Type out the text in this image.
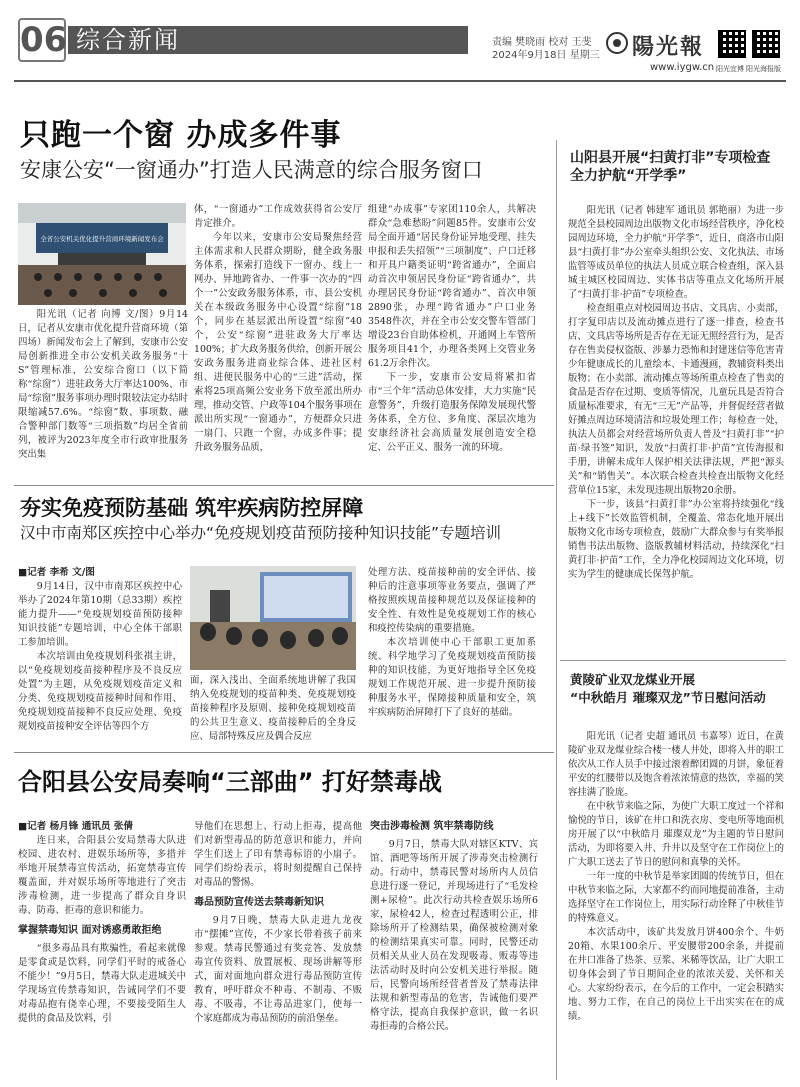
06 综合新闻	责编 樊晓雨 校对 王斐
2024年9月18日 星期三 陽光報
www.iygw.cn 阳光宜傅 阳光海报版
只跑一个窗 办成多件事
安康公安“一窗通办”打造人民满意的综合服务窗口
全省公安机关优化提升营商环境新闻发布会

阳光讯（记者 向博 文/图）9月14日，记者从安康市优化提升营商环境（第四场）新闻发布会上了解到，安康市公安局创新推进全市公安机关政务服务“十S”管理标准，公安综合窗口（以下简称“综窗”）进驻政务大厅率达100%、市局“综窗”服务事项办理时限较法定办结时限缩减57.6%。“综窗”数、事项数、融合警种部门数等“三项指数”均居全省前列，被评为2023年度全市行政审批服务突出集

体，“一窗通办”工作成效获得省公安厅肯定推介。

今年以来，安康市公安局聚焦经营主体需求和人民群众期盼，健全政务服务体系，探索打造线下一窗办、线上一网办、异地跨省办、一件事一次办的“四个一”公安政务服务体系，市、县公安机关在本级政务服务中心设置“综窗”18个，同步在基层派出所设置“综窗”40个，公安“综窗”进驻政务大厅率达100%；扩大政务服务供给，创新开展公安政务服务进商业综合体、进社区村组、进便民服务中心的“三进”活动，探索将25项高频公安业务下放至派出所办理，推动交管、户政等104个服务事项在派出所实现“一窗通办”，方便群众只进一扇门、只跑一个窗，办成多件事；提升政务服务品质，

组建“办成事”专家团110余人，共解决群众“急难愁盼”问题85件。安康市公安局全面开通“居民身份证异地受理、挂失申报和丢失招领”“三项制度”、户口迁移和开具户籍类证明“跨省通办”，全面启动首次申领居民身份证“跨省通办”，共办理居民身份证“跨省通办”、首次申领2890张，办理“跨省通办”户口业务3548件次，并在全市公安交警车管部门增设23台自助体检机，开通网上车管所服务项目41个，办理各类网上交管业务61.2万余件次。

下一步，安康市公安局将紧扣省市“三个年”活动总体安排，大力实施“民意警务”，升级打造服务保障发展现代警务体系，全方位、多角度、深层次地为安康经济社会高质量发展创造安全稳定、公平正义、服务一流的环境。

夯实免疫预防基础 筑牢疾病防控屏障
汉中市南郑区疾控中心举办“免疫规划疫苗预防接种知识技能”专题培训
■记者 李希 文/图

9月14日，汉中市南郑区疾控中心举办了2024年第10期（总33期）疾控能力提升——“免疫规划疫苗预防接种知识技能”专题培训，中心全体干部职工参加培训。

本次培训由免疫规划科张祺主讲，以“免疫规划疫苗接种程序及不良反应处置”为主题，从免疫规划疫苗定义和分类、免疫规划疫苗接种时间和作用、免疫规划疫苗接种不良反应处理、免疫规划疫苗接种安全评估等四个方

面，深入浅出、全面系统地讲解了我国纳入免疫规划的疫苗种类、免疫规划疫苗接种程序及原则、接种免疫规划疫苗的公共卫生意义、疫苗接种后的全身反应、局部特殊反应及偶合反应

处理方法、疫苗接种前的安全评估、接种后的注意事项等业务要点，强调了严格按照疾规苗接种规范以及保证接种的安全性、有效性是免疫规划工作的核心和疫控传染病的重要措施。

本次培训使中心干部职工更加系统、科学地学习了免疫规划疫苗预防接种的知识技能，为更好地指导全区免疫规划工作规范开展、进一步提升预防接种服务水平，保障接种质量和安全，筑牢疾病防治屏障打下了良好的基础。

合阳县公安局奏响“三部曲” 打好禁毒战
■记者 杨月锋 通讯员 张倩

连日来，合阳县公安局禁毒大队进校园、进农村、进娱乐场所等，多措并举地开展禁毒宣传活动，拓宽禁毒宣传覆盖面，并对娱乐场所等地进行了突击涉毒检测，进一步提高了群众自身识毒、防毒、拒毒的意识和能力。

掌握禁毒知识 面对诱惑勇敢拒绝

“很多毒品具有欺骗性，看起来就像是零食或是饮料，同学们平时的戒备心不能少！”9月5日，禁毒大队走进城关中学现场宣传禁毒知识，告诫同学们不要对毒品抱有侥幸心理，不要接受陌生人提供的食品及饮料，引

导他们在思想上、行动上拒毒，提高他们对新型毒品的防范意识和能力，并向学生们送上了印有禁毒标语的小扇子。同学们纷纷表示，将时刻提醒自己保持对毒品的警惕。

毒品预防宣传送去禁毒新知识

9月7日晚，禁毒大队走进九龙夜市“摆摊”宣传，不少家长带着孩子前来参观。禁毒民警通过有奖竞答、发放禁毒宣传资料、放置展板、现场讲解等形式，面对面地向群众进行毒品预防宣传教育，呼吁群众不种毒、不制毒、不贩毒、不吸毒，不让毒品进家门，使每一个家庭都成为毒品预防的前沿堡垒。

突击涉毒检测 筑牢禁毒防线

9月7日，禁毒大队对辖区KTV、宾馆、酒吧等场所开展了涉毒突击检测行动。行动中，禁毒民警对场所内人员信息进行逐一登记，并现场进行了“毛发检测+尿检”。此次行动共检查娱乐场所6家，尿检42人，检查过程透明公正，排除场所开了检测结果，确保被检测对象的检测结果真实可靠。同时，民警还动员相关从业人员在发现吸毒、贩毒等违法活动时及时向公安机关进行举报。随后，民警向场所经营者普及了禁毒法律法规和新型毒品的危害，告诫他们要严格守法，提高自我保护意识，做一名识毒拒毒的合格公民。

山阳县开展“扫黄打非”专项检查全力护航“开学季”

阳光讯（记者 韩建军 通讯员 郭艳丽）为进一步规范全县校园周边出版物文化市场经营秩序，净化校园周边环境，全力护航“开学季”，近日，商洛市山阳县“扫黄打非”办公室牵头组织公安、文化执法、市场监管等成员单位的执法人员成立联合检查组，深入县城主城区校园周边、实体书店等重点文化场所开展了“扫黄打非·护苗”专项检查。

检查组重点对校园周边书店、文具店、小卖部，打字复印店以及流动摊点进行了逐一排查，检查书店、文具店等场所是否存在无证无照经营行为，是否存在售卖侵权盗版、涉暴力恐怖和封建迷信等危害青少年健康成长的儿童绘本、卡通漫画，教辅资料类出版物；在小卖部、流动摊点等场所重点检查了售卖的食品是否存在过期、变质等情况，儿童玩具是否符合质量标准要求，有无“三无”产品等，并督促经营者做好摊点周边环境清洁和垃圾处理工作；每检查一处，执法人员都会对经营场所负责人普及“扫黄打非”“护苗·绿书签”知识，发放“扫黄打非·护苗”宣传海报和手册，讲解未成年人保护相关法律法规，严把“源头关”和“销售关”。本次联合检查共检查出版物文化经营单位15家，未发现违规出版物20余册。

下一步，该县“扫黄打非”办公室将持续强化“线上+线下”长效监管机制，全覆盖、常态化地开展出版物文化市场专项检查，鼓励广大群众参与有奖举报销售书法出版物、盗版教辅材料活动，持续深化“扫黄打非·护苗”工作，全力净化校园周边文化环境，切实为学生的健康成长保驾护航。

黄陵矿业双龙煤业开展
“中秋皓月 璀璨双龙”节日慰问活动

阳光讯（记者 史超 通讯员 韦嘉琴）近日，在黄陵矿业双龙煤业综合楼一楼人井处，即将入井的职工依次从工作人员手中接过滚着醉团圆的月饼，象征着平安的红腰带以及饱含着浓浓情意的热饮，幸福的笑容挂满了脸庞。

在中秋节来临之际，为使广大职工度过一个祥和愉悦的节日，该矿在井口和洗衣房、变电所等地面机房开展了以“中秋皓月 璀璨双龙”为主题的节日慰问活动，为即将要入井、升井以及坚守在工作岗位上的广大职工送去了节日的慰问和真挚的关怀。

一年一度的中秋节是举家团圆的传统节日，但在中秋节来临之际，大家都不约而同地提前准备，主动选择坚守在工作岗位上，用实际行动诠释了中秋佳节的特殊意义。

本次活动中，该矿共发放月饼400余个、牛奶20箱、水果100余斤、平安腰带200余条，并提前在井口准备了热茶、豆浆、米稀等饮品，让广大职工切身体会到了节日期间企业的浓浓关爱、关怀和关心。大家纷纷表示，在今后的工作中，一定会积踏实地、努力工作，在自己的岗位上干出实实在在的成绩。
